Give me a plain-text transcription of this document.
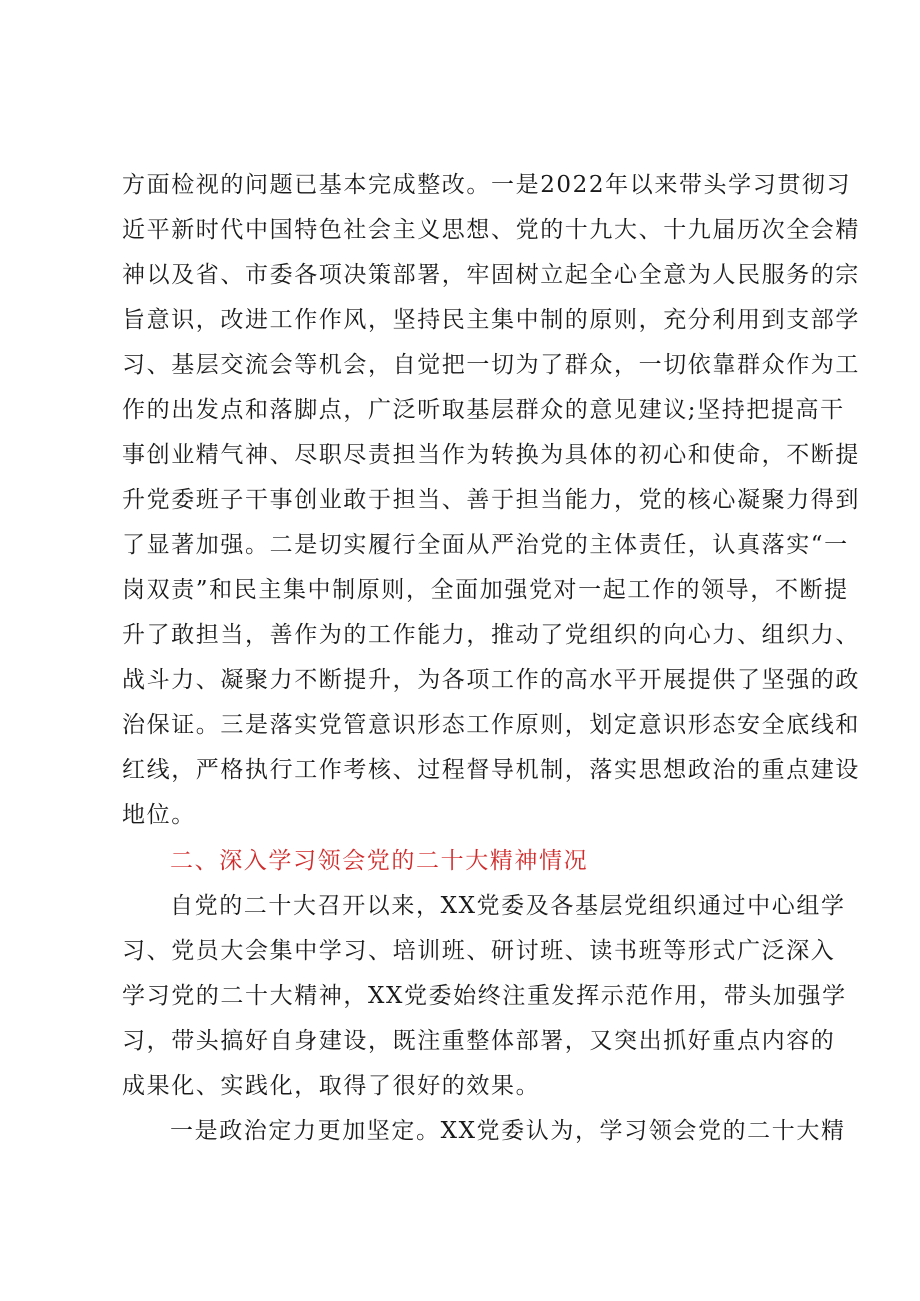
方面检视的问题已基本完成整改。一是2022年以来带头学习贯彻习
近平新时代中国特色社会主义思想、党的十九大、十九届历次全会精
神以及省、市委各项决策部署，牢固树立起全心全意为人民服务的宗
旨意识，改进工作作风，坚持民主集中制的原则，充分利用到支部学
习、基层交流会等机会，自觉把一切为了群众，一切依靠群众作为工
作的出发点和落脚点，广泛听取基层群众的意见建议;坚持把提高干
事创业精气神、尽职尽责担当作为转换为具体的初心和使命，不断提
升党委班子干事创业敢于担当、善于担当能力，党的核心凝聚力得到
了显著加强。二是切实履行全面从严治党的主体责任，认真落实“一
岗双责”和民主集中制原则，全面加强党对一起工作的领导，不断提
升了敢担当，善作为的工作能力，推动了党组织的向心力、组织力、
战斗力、凝聚力不断提升，为各项工作的高水平开展提供了坚强的政
治保证。三是落实党管意识形态工作原则，划定意识形态安全底线和
红线，严格执行工作考核、过程督导机制，落实思想政治的重点建设
地位。
二、深入学习领会党的二十大精神情况
自党的二十大召开以来，XX党委及各基层党组织通过中心组学
习、党员大会集中学习、培训班、研讨班、读书班等形式广泛深入
学习党的二十大精神，XX党委始终注重发挥示范作用，带头加强学
习，带头搞好自身建设，既注重整体部署，又突出抓好重点内容的
成果化、实践化，取得了很好的效果。
一是政治定力更加坚定。XX党委认为，学习领会党的二十大精
